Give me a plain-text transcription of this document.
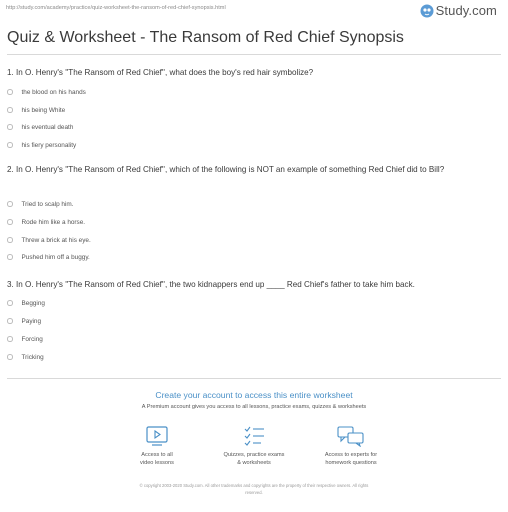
http://study.com/academy/practice/quiz-worksheet-the-ransom-of-red-chief-synopsis.html	Study.com
Quiz & Worksheet - The Ransom of Red Chief Synopsis
1. In O. Henry's ''The Ransom of Red Chief'', what does the boy's red hair symbolize?
the blood on his hands
his being White
his eventual death
his fiery personality
2. In O. Henry's ''The Ransom of Red Chief'', which of the following is NOT an example of something Red Chief did to Bill?
Tried to scalp him.
Rode him like a horse.
Threw a brick at his eye.
Pushed him off a buggy.
3. In O. Henry's ''The Ransom of Red Chief'', the two kidnappers end up ____ Red Chief's father to take him back.
Begging
Paying
Forcing
Tricking
Create your account to access this entire worksheet
A Premium account gives you access to all lessons, practice exams, quizzes & worksheets
Access to all
video lessons
Quizzes, practice exams
& worksheets
Access to experts for
homework questions
© copyright 2003-2020 Study.com. All other trademarks and copyrights are the property of their respective owners. All rights
reserved.
